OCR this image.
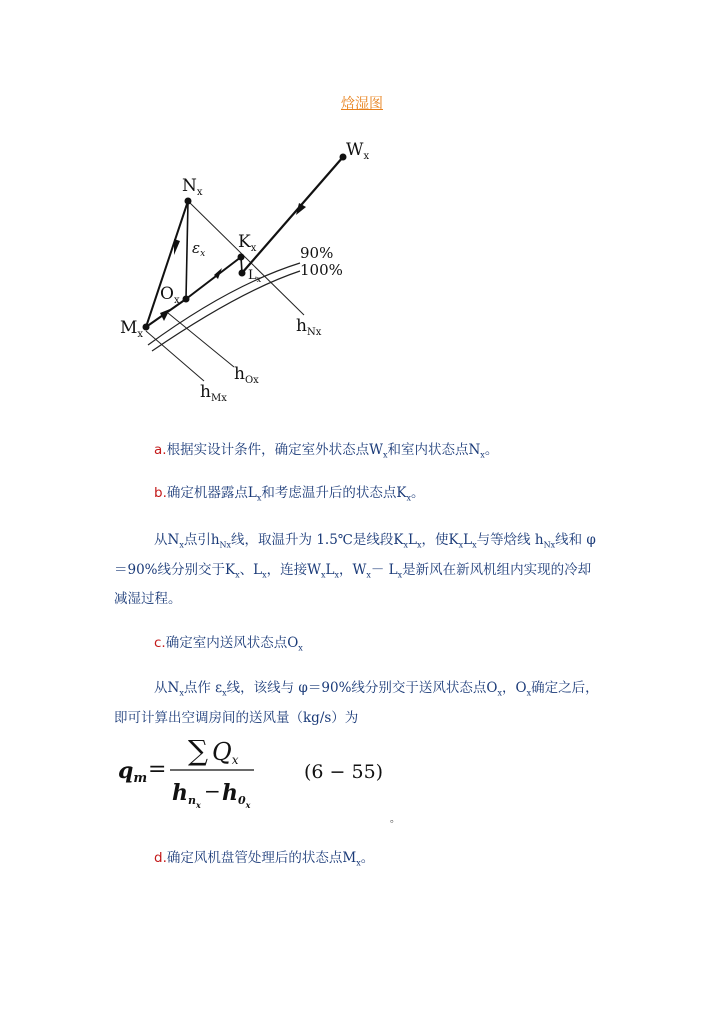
焓湿图
$W_x$
$N_x$
$K_x$
$L_x$
$O_x$
$M_x$
$\varepsilon_x$	90%
100%
$h_{Nx}$
$h_{Ox}$
$h_{Mx}$
a.根据实设计条件，确定室外状态点$W_x$和室内状态点$N_x$。
b.确定机器露点$L_x$和考虑温升后的状态点$K_x$。
从$N_x$点引$h_{Nx}$线，取温升为 1.5℃是线段$K_xL_x$，使$K_xL_x$与等焓线 $h_{Nx}$线和 φ
＝90%线分别交于$K_x$、$L_x$，连接$W_xL_x$，$W_x- L_x$是新风在新风机组内实现的冷却
减湿过程。
c.确定室内送风状态点$O_x$
从$N_x$点作 $\varepsilon_x$线，该线与 φ＝90%线分别交于送风状态点$O_x$，$O_x$确定之后，
即可计算出空调房间的送风量（kg/s）为
qm =
∑ Qx
hnx
− h0x
(6 − 55)
。
d.确定风机盘管处理后的状态点$M_x$。
